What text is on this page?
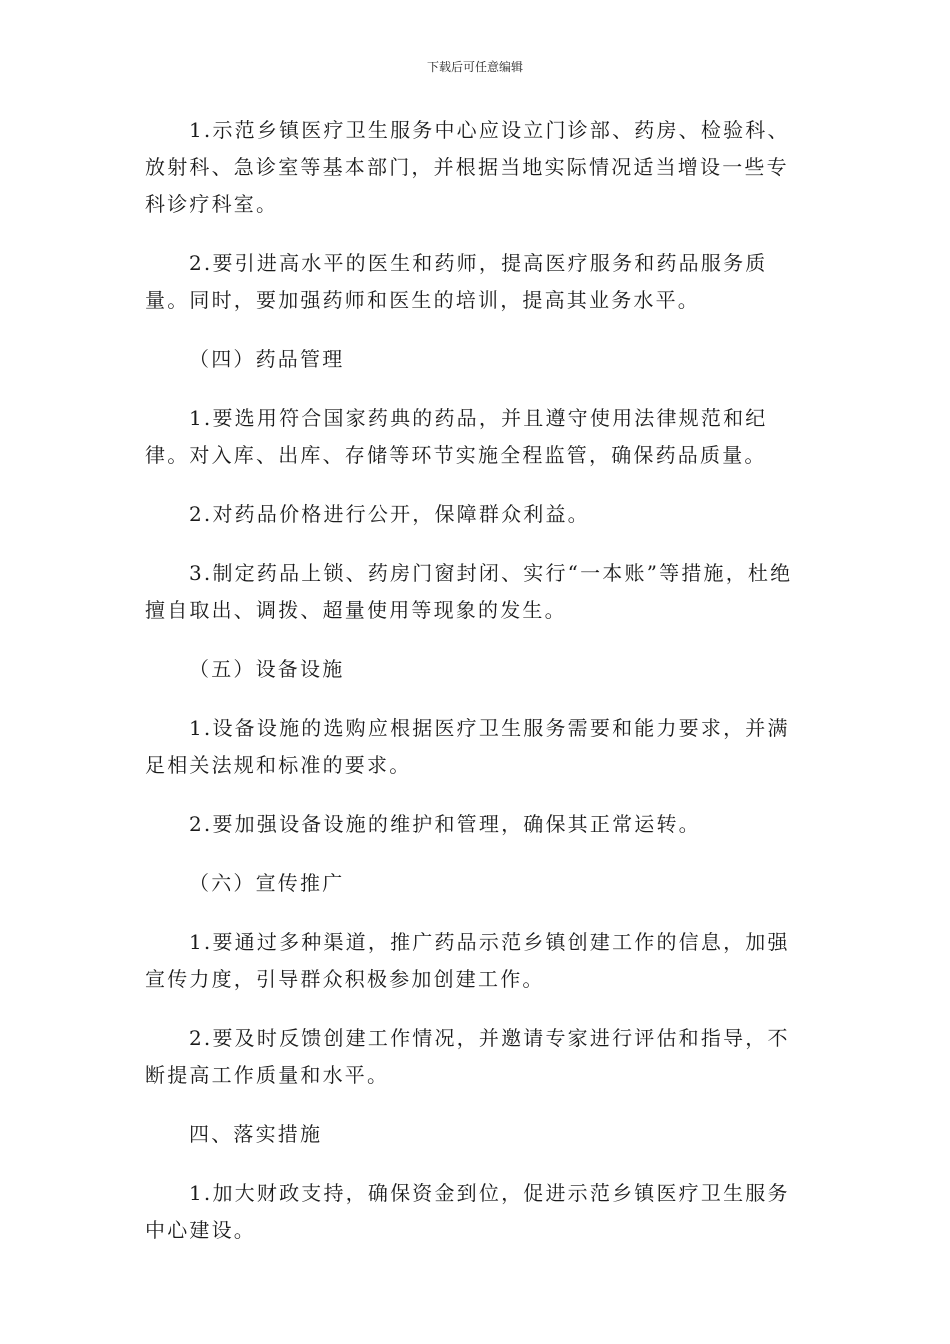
下载后可任意编辑

1.示范乡镇医疗卫生服务中心应设立门诊部、药房、检验科、放射科、急诊室等基本部门，并根据当地实际情况适当增设一些专科诊疗科室。

2.要引进高水平的医生和药师，提高医疗服务和药品服务质量。同时，要加强药师和医生的培训，提高其业务水平。

（四）药品管理

1.要选用符合国家药典的药品，并且遵守使用法律规范和纪律。对入库、出库、存储等环节实施全程监管，确保药品质量。

2.对药品价格进行公开，保障群众利益。

3.制定药品上锁、药房门窗封闭、实行“一本账”等措施，杜绝擅自取出、调拨、超量使用等现象的发生。

（五）设备设施

1.设备设施的选购应根据医疗卫生服务需要和能力要求，并满足相关法规和标准的要求。

2.要加强设备设施的维护和管理，确保其正常运转。

（六）宣传推广

1.要通过多种渠道，推广药品示范乡镇创建工作的信息，加强宣传力度，引导群众积极参加创建工作。

2.要及时反馈创建工作情况，并邀请专家进行评估和指导，不断提高工作质量和水平。

四、落实措施

1.加大财政支持，确保资金到位，促进示范乡镇医疗卫生服务中心建设。
